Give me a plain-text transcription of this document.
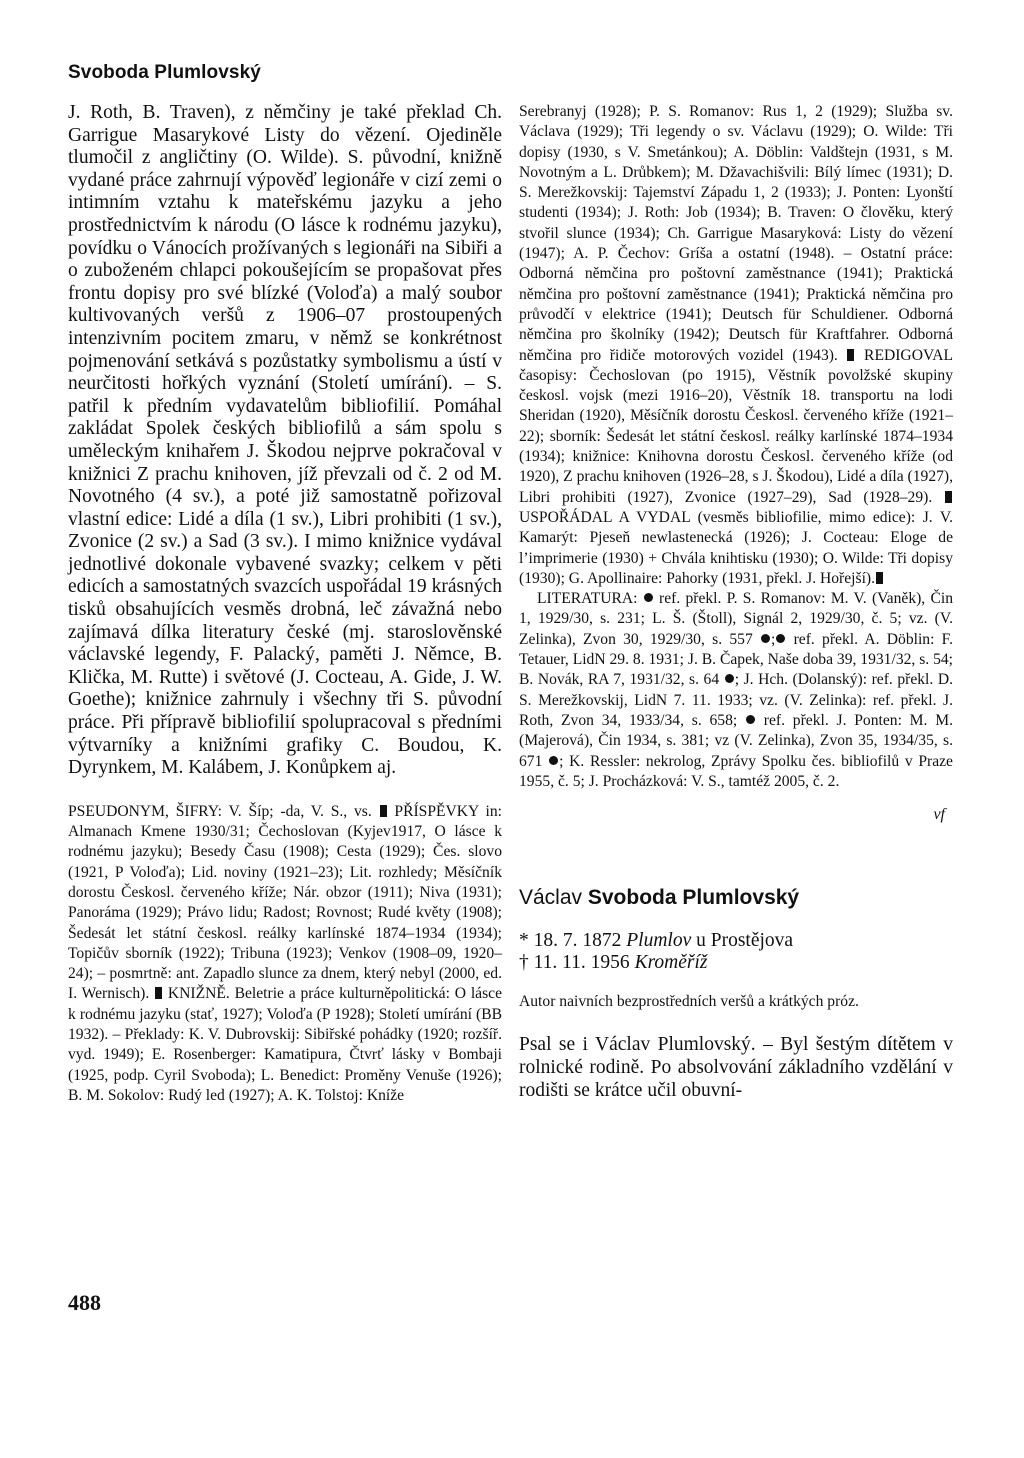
Svoboda Plumlovský

J. Roth, B. Traven), z němčiny je také překlad Ch. Garrigue Masarykové Listy do vězení. Ojediněle tlumočil z angličtiny (O. Wilde). S. původní, knižně vydané práce zahrnují výpověď legionáře v cizí zemi o intimním vztahu k mateřskému jazyku a jeho prostřednictvím k národu (O lásce k rodnému jazyku), povídku o Vánocích prožívaných s legionáři na Sibiři a o zuboženém chlapci pokoušejícím se propašovat přes frontu dopisy pro své blízké (Voloďa) a malý soubor kultivovaných veršů z 1906–07 prostoupených intenzivním pocitem zmaru, v němž se konkrétnost pojmenování setkává s pozůstatky symbolismu a ústí v neurčitosti hořkých vyznání (Století umírání). – S. patřil k předním vydavatelům bibliofilií. Pomáhal zakládat Spolek českých bibliofilů a sám spolu s uměleckým knihařem J. Škodou nejprve pokračoval v knižnici Z prachu knihoven, jíž převzali od č. 2 od M. Novotného (4 sv.), a poté již samostatně pořizoval vlastní edice: Lidé a díla (1 sv.), Libri prohibiti (1 sv.), Zvonice (2 sv.) a Sad (3 sv.). I mimo knižnice vydával jednotlivé dokonale vybavené svazky; celkem v pěti edicích a samostatných svazcích uspořádal 19 krásných tisků obsahujících vesměs drobná, leč závažná nebo zajímavá dílka literatury české (mj. staroslověnské václavské legendy, F. Palacký, paměti J. Němce, B. Klička, M. Rutte) i světové (J. Cocteau, A. Gide, J. W. Goethe); knižnice zahrnuly i všechny tři S. původní práce. Při přípravě bibliofilií spolupracoval s předními výtvarníky a knižními grafiky C. Boudou, K. Dyrynkem, M. Kalábem, J. Konůpkem aj.

PSEUDONYM, ŠIFRY: V. Šíp; -da, V. S., vs.  PŘÍSPĚVKY in: Almanach Kmene 1930/31; Čechoslovan (Kyjev1917, O lásce k rodnému jazyku); Besedy Času (1908); Cesta (1929); Čes. slovo (1921, P Voloďa); Lid. noviny (1921–23); Lit. rozhledy; Měsíčník dorostu Českosl. červeného kříže; Nár. obzor (1911); Niva (1931); Panoráma (1929); Právo lidu; Radost; Rovnost; Rudé květy (1908); Šedesát let státní českosl. reálky karlínské 1874–1934 (1934); Topičův sborník (1922); Tribuna (1923); Venkov (1908–09, 1920–24); – posmrtně: ant. Zapadlo slunce za dnem, který nebyl (2000, ed. I. Wernisch).  KNIŽNĚ. Beletrie a práce kulturněpolitická: O lásce k rodnému jazyku (stať, 1927); Voloďa (P 1928); Století umírání (BB 1932). – Překlady: K. V. Dubrovskij: Sibiřské pohádky (1920; rozšíř. vyd. 1949); E. Rosenberger: Kamatipura, Čtvrť lásky v Bombaji (1925, podp. Cyril Svoboda); L. Benedict: Proměny Venuše (1926); B. M. Sokolov: Rudý led (1927); A. K. Tolstoj: Kníže

Serebranyj (1928); P. S. Romanov: Rus 1, 2 (1929); Služba sv. Václava (1929); Tři legendy o sv. Václavu (1929); O. Wilde: Tři dopisy (1930, s V. Smetánkou); A. Döblin: Valdštejn (1931, s M. Novotným a L. Drůbkem); M. Džavachišvili: Bílý límec (1931); D. S. Merežkovskij: Tajemství Západu 1, 2 (1933); J. Ponten: Lyonští studenti (1934); J. Roth: Job (1934); B. Traven: O člověku, který stvořil slunce (1934); Ch. Garrigue Masaryková: Listy do vězení (1947); A. P. Čechov: Gríša a ostatní (1948). – Ostatní práce: Odborná němčina pro poštovní zaměstnance (1941); Praktická němčina pro poštovní zaměstnance (1941); Praktická němčina pro průvodčí v elektrice (1941); Deutsch für Schuldiener. Odborná němčina pro školníky (1942); Deutsch für Kraftfahrer. Odborná němčina pro řidiče motorových vozidel (1943).  REDIGOVAL časopisy: Čechoslovan (po 1915), Věstník povolžské skupiny českosl. vojsk (mezi 1916–20), Věstník 18. transportu na lodi Sheridan (1920), Měsíčník dorostu Českosl. červeného kříže (1921–22); sborník: Šedesát let státní českosl. reálky karlínské 1874–1934 (1934); knižnice: Knihovna dorostu Českosl. červeného kříže (od 1920), Z prachu knihoven (1926–28, s J. Škodou), Lidé a díla (1927), Libri prohibiti (1927), Zvonice (1927–29), Sad (1928–29).  USPOŘÁDAL A VYDAL (vesměs bibliofilie, mimo edice): J. V. Kamarýt: Pjeseň newlastenecká (1926); J. Cocteau: Eloge de l’imprimerie (1930) + Chvála knihtisku (1930); O. Wilde: Tři dopisy (1930); G. Apollinaire: Pahorky (1931, překl. J. Hořejší).

LITERATURA:  ref. překl. P. S. Romanov: M. V. (Vaněk), Čin 1, 1929/30, s. 231; L. Š. (Štoll), Signál 2, 1929/30, č. 5; vz. (V. Zelinka), Zvon 30, 1929/30, s. 557 ; ref. překl. A. Döblin: F. Tetauer, LidN 29. 8. 1931; J. B. Čapek, Naše doba 39, 1931/32, s. 54; B. Novák, RA 7, 1931/32, s. 64 ; J. Hch. (Dolanský): ref. překl. D. S. Merežkovskij, LidN 7. 11. 1933; vz. (V. Zelinka): ref. překl. J. Roth, Zvon 34, 1933/34, s. 658;  ref. překl. J. Ponten: M. M. (Majerová), Čin 1934, s. 381; vz (V. Zelinka), Zvon 35, 1934/35, s. 671 ; K. Ressler: nekrolog, Zprávy Spolku čes. bibliofilů v Praze 1955, č. 5; J. Procházková: V. S., tamtéž 2005, č. 2.

vf
Václav Svoboda Plumlovský
* 18. 7. 1872 Plumlov u Prostějova
† 11. 11. 1956 Kroměříž

Autor naivních bezprostředních veršů a krátkých próz.

Psal se i Václav Plumlovský. – Byl šestým dítětem v rolnické rodině. Po absolvování základního vzdělání v rodišti se krátce učil obuvní-

488
